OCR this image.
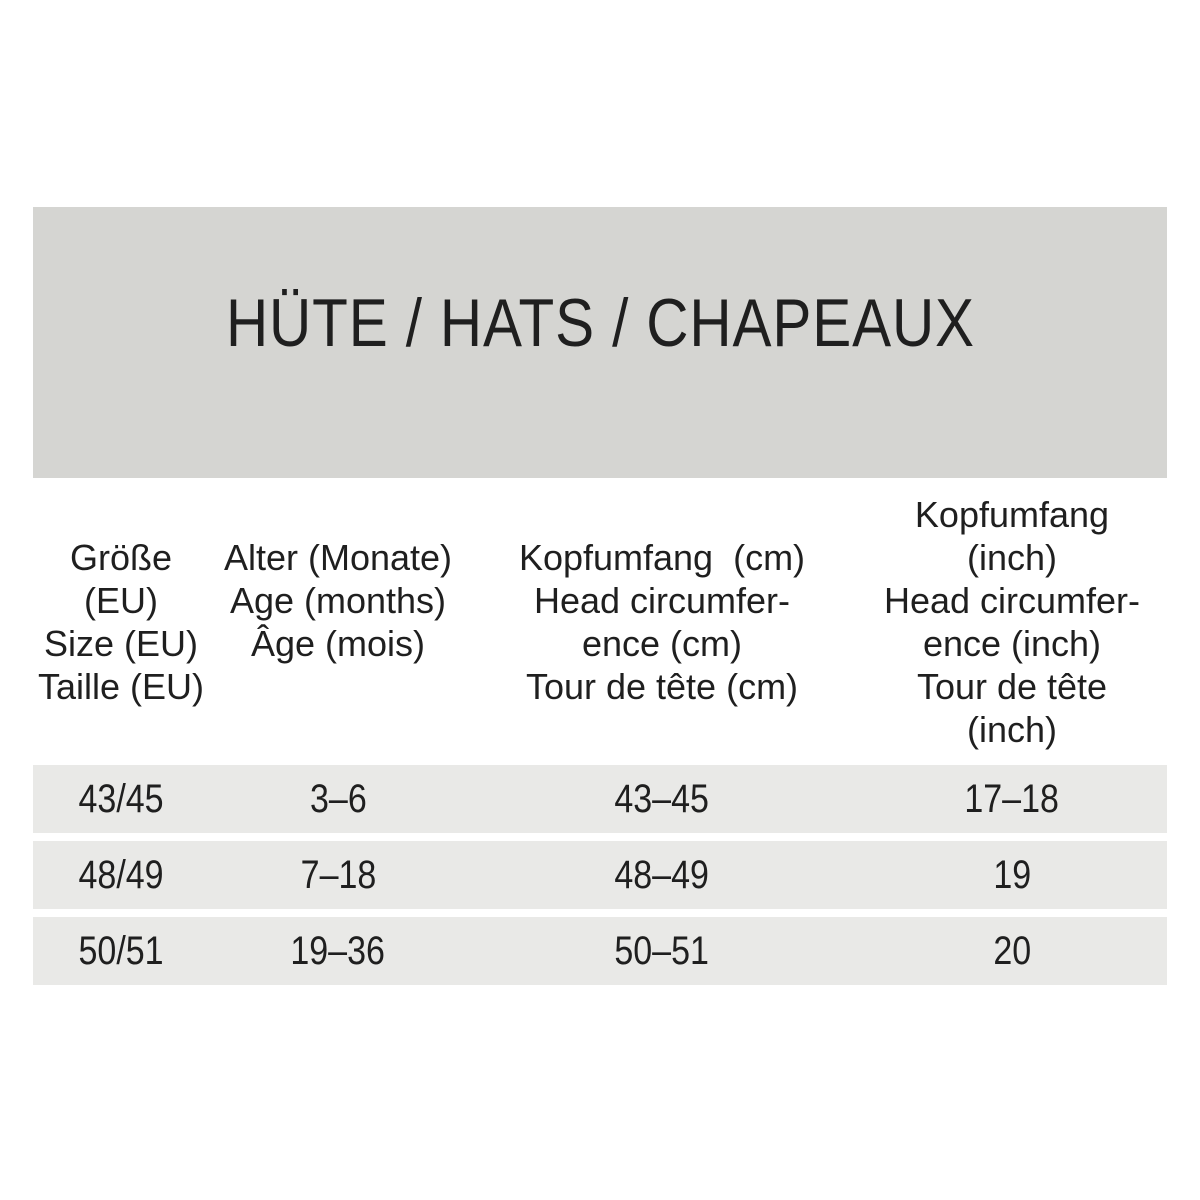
HÜTE / HATS / CHAPEAUX
Größe
(EU)
Size (EU)
Taille (EU)

Alter (Monate)
Age (months)
Âge (mois)

Kopfumfang  (cm)
Head circumfer-
ence (cm)
Tour de tête (cm)

Kopfumfang
(inch)
Head circumfer-
ence (inch)
Tour de tête
(inch)

43/45	3–6	43–45	17–18
48/49	7–18	48–49	19
50/51	19–36	50–51	20
